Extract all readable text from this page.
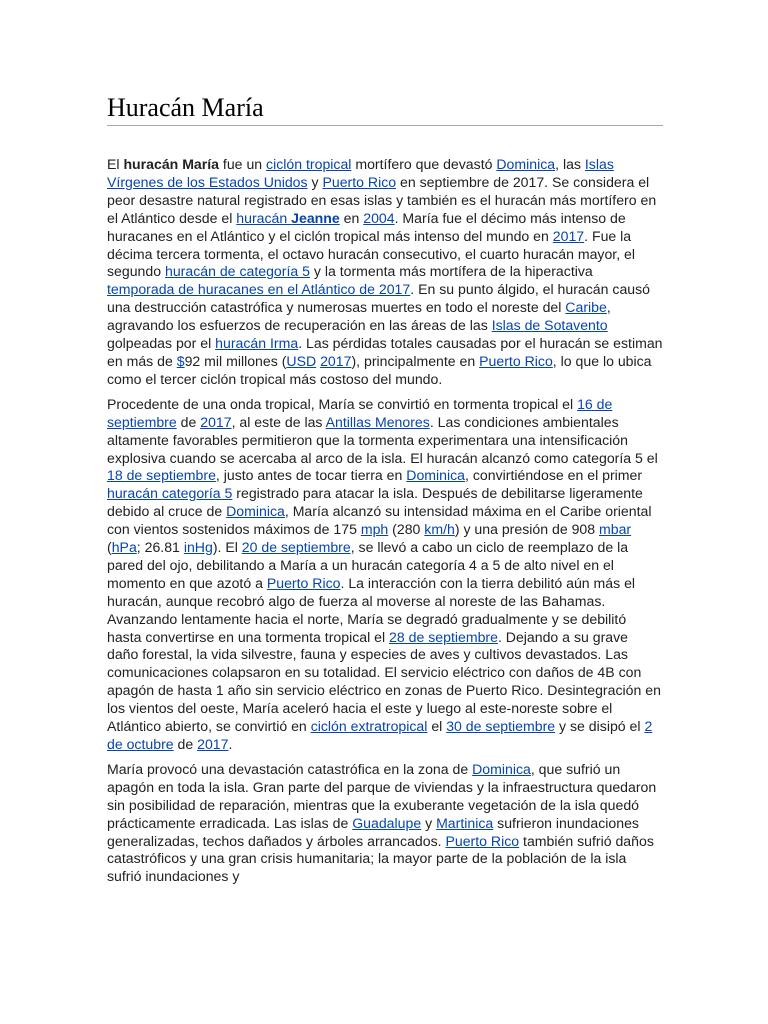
Huracán María

El huracán María fue un ciclón tropical mortífero que devastó Dominica, las Islas Vírgenes de los Estados Unidos y Puerto Rico en septiembre de 2017. Se considera el peor desastre natural registrado en esas islas y también es el huracán más mortífero en el Atlántico desde el huracán Jeanne en 2004. María fue el décimo más intenso de huracanes en el Atlántico y el ciclón tropical más intenso del mundo en 2017. Fue la décima tercera tormenta, el octavo huracán consecutivo, el cuarto huracán mayor, el segundo huracán de categoría 5 y la tormenta más mortífera de la hiperactiva temporada de huracanes en el Atlántico de 2017. En su punto álgido, el huracán causó una destrucción catastrófica y numerosas muertes en todo el noreste del Caribe, agravando los esfuerzos de recuperación en las áreas de las Islas de Sotavento golpeadas por el huracán Irma. Las pérdidas totales causadas por el huracán se estiman en más de $92 mil millones (USD 2017), principalmente en Puerto Rico, lo que lo ubica como el tercer ciclón tropical más costoso del mundo.

Procedente de una onda tropical, María se convirtió en tormenta tropical el 16 de septiembre de 2017, al este de las Antillas Menores. Las condiciones ambientales altamente favorables permitieron que la tormenta experimentara una intensificación explosiva cuando se acercaba al arco de la isla. El huracán alcanzó como categoría 5 el 18 de septiembre, justo antes de tocar tierra en Dominica, convirtiéndose en el primer huracán categoría 5 registrado para atacar la isla. Después de debilitarse ligeramente debido al cruce de Dominica, María alcanzó su intensidad máxima en el Caribe oriental con vientos sostenidos máximos de 175 mph (280 km/h) y una presión de 908 mbar (hPa; 26.81 inHg). El 20 de septiembre, se llevó a cabo un ciclo de reemplazo de la pared del ojo, debilitando a María a un huracán categoría 4 a 5 de alto nivel en el momento en que azotó a Puerto Rico. La interacción con la tierra debilitó aún más el huracán, aunque recobró algo de fuerza al moverse al noreste de las Bahamas. Avanzando lentamente hacia el norte, María se degradó gradualmente y se debilitó hasta convertirse en una tormenta tropical el 28 de septiembre. Dejando a su grave daño forestal, la vida silvestre, fauna y especies de aves y cultivos devastados. Las comunicaciones colapsaron en su totalidad. El servicio eléctrico con daños de 4B con apagón de hasta 1 año sin servicio eléctrico en zonas de Puerto Rico. Desintegración en los vientos del oeste, María aceleró hacia el este y luego al este-noreste sobre el Atlántico abierto, se convirtió en ciclón extratropical el 30 de septiembre y se disipó el 2 de octubre de 2017.

María provocó una devastación catastrófica en la zona de Dominica, que sufrió un apagón en toda la isla. Gran parte del parque de viviendas y la infraestructura quedaron sin posibilidad de reparación, mientras que la exuberante vegetación de la isla quedó prácticamente erradicada. Las islas de Guadalupe y Martinica sufrieron inundaciones generalizadas, techos dañados y árboles arrancados. Puerto Rico también sufrió daños catastróficos y una gran crisis humanitaria; la mayor parte de la población de la isla sufrió inundaciones y
